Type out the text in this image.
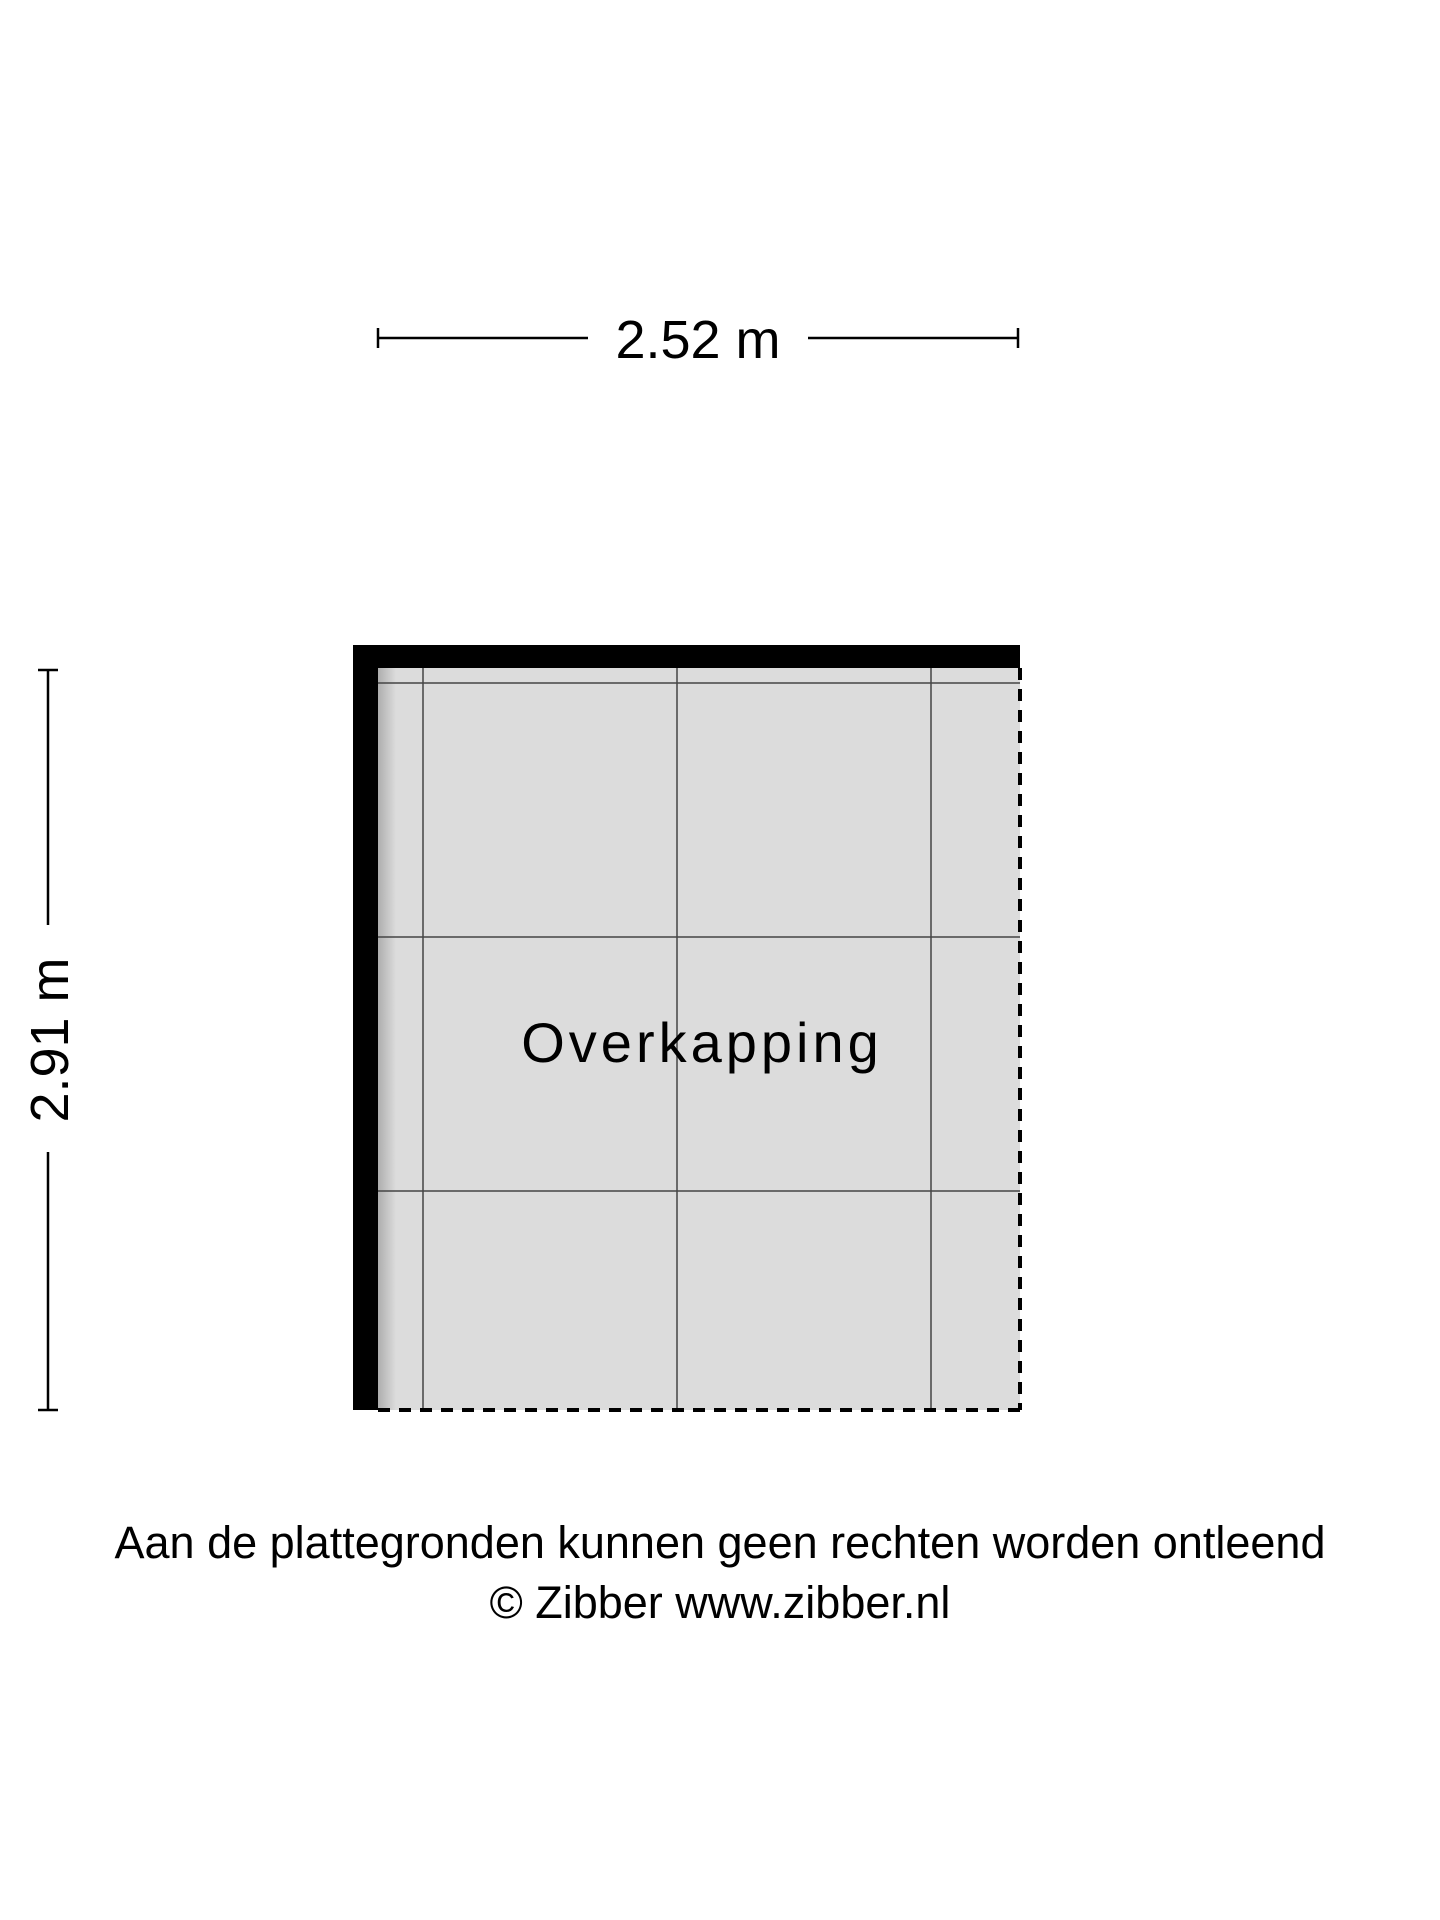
2.52 m
2.91 m	Overkapping

Aan de plattegronden kunnen geen rechten worden ontleend

© Zibber www.zibber.nl
